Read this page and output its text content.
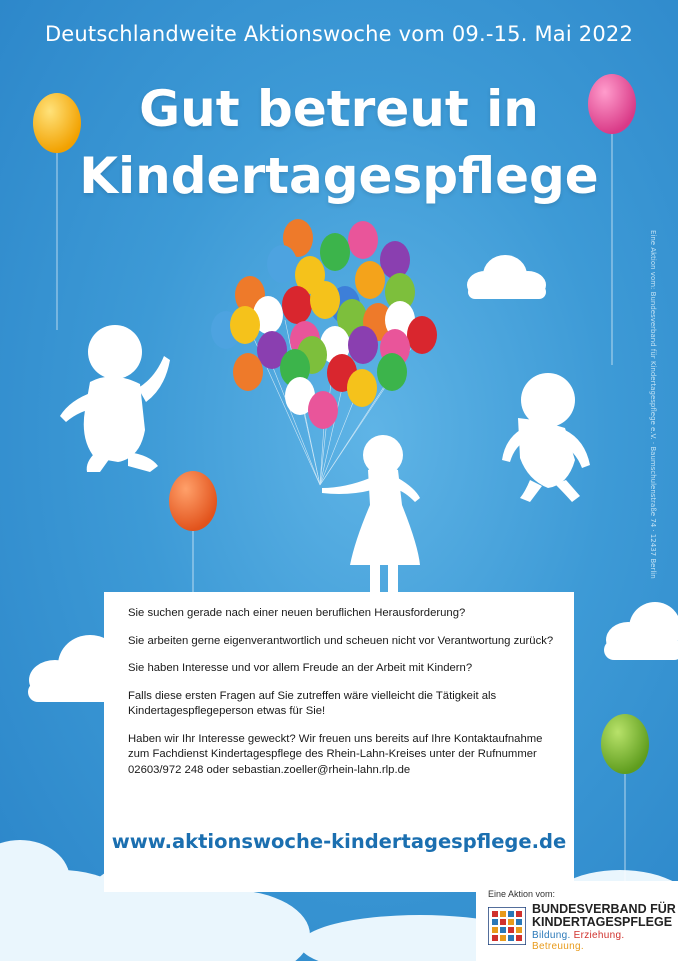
Deutschlandweite Aktionswoche vom 09.-15. Mai 2022
Gut betreut in
Kindertagespflege
Eine Aktion vom: Bundesverband für Kindertagespflege e.V. · Baumschulenstraße 74 · 12437 Berlin

Sie suchen gerade nach einer neuen beruflichen Herausforderung?

Sie arbeiten gerne eigenverantwortlich und scheuen nicht vor Verantwortung zurück?

Sie haben Interesse und vor allem Freude an der Arbeit mit Kindern?

Falls diese ersten Fragen auf Sie zutreffen wäre vielleicht die Tätigkeit als Kindertagespflegeperson etwas für Sie!

Haben wir Ihr Interesse geweckt? Wir freuen uns bereits auf Ihre Kontaktaufnahme zum Fachdienst Kindertagespflege des Rhein-Lahn-Kreises unter der Rufnummer 02603/972 248 oder sebastian.zoeller@rhein-lahn.rlp.de

www.aktionswoche-kindertagespflege.de
Eine Aktion vom:
BUNDESVERBAND FÜR
KINDERTAGESPFLEGE
Bildung. Erziehung. Betreuung.
